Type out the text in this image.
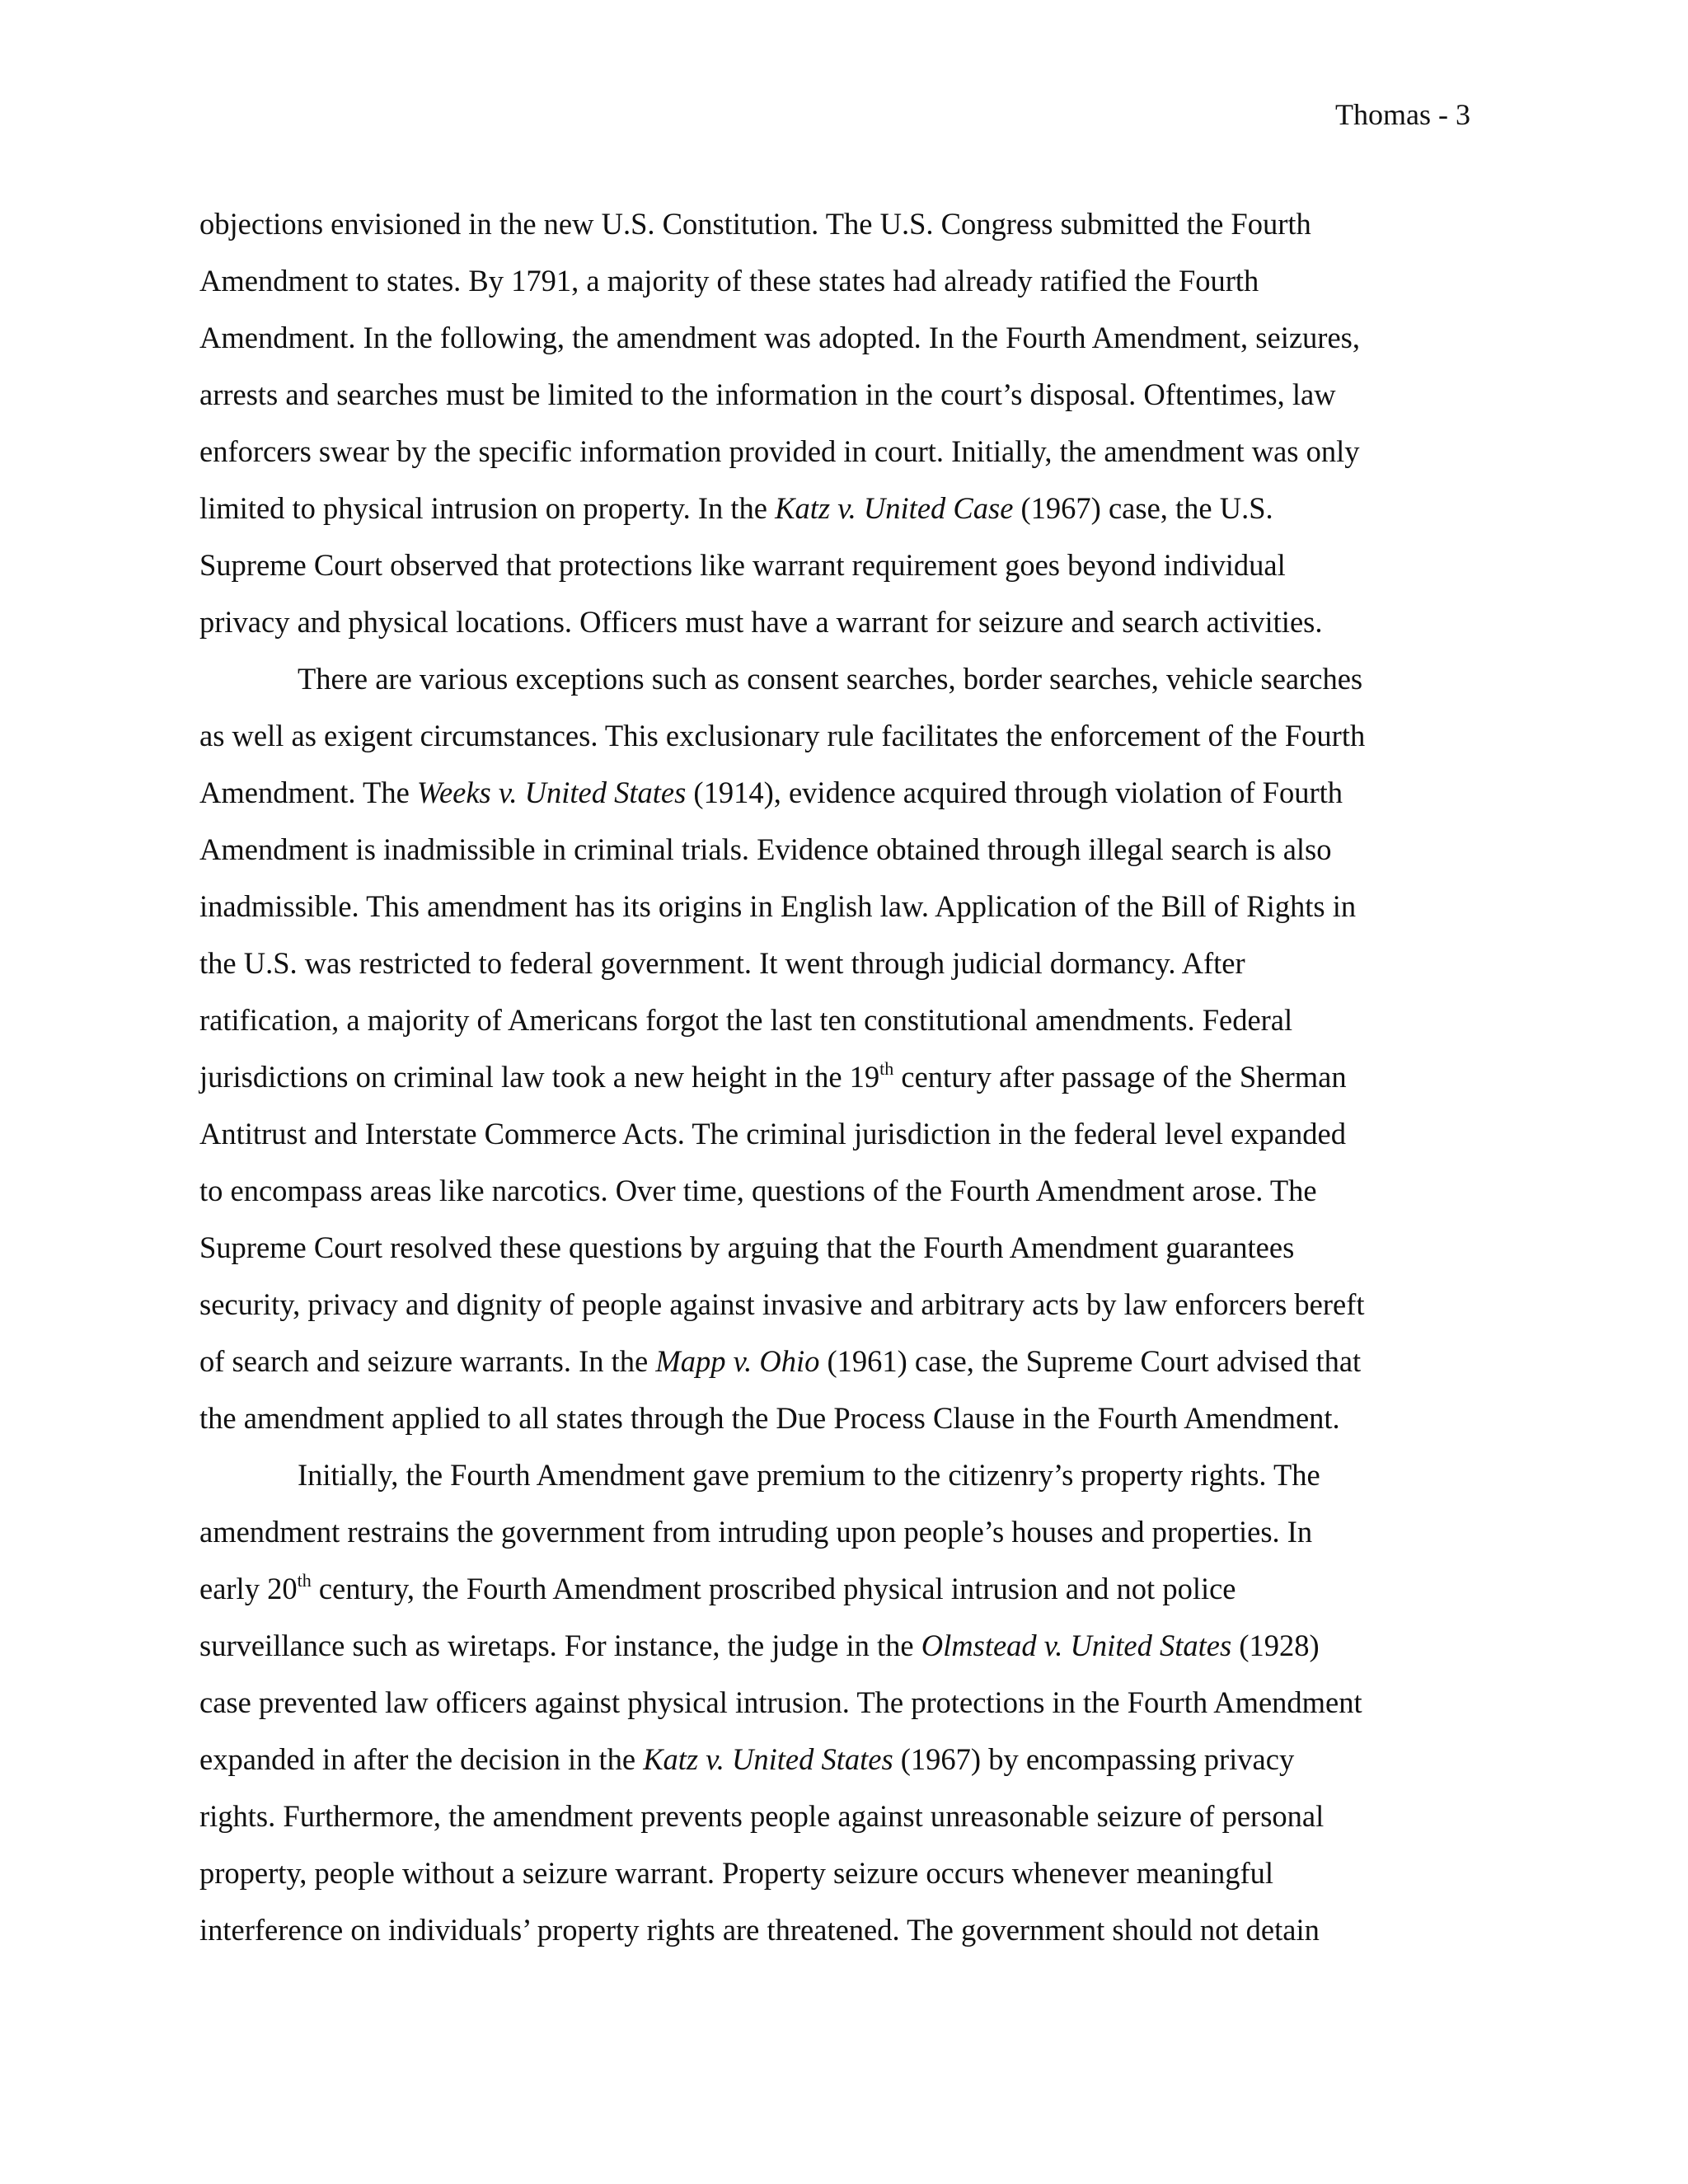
Thomas - 3
objections envisioned in the new U.S. Constitution. The U.S. Congress submitted the Fourth
Amendment to states. By 1791, a majority of these states had already ratified the Fourth
Amendment. In the following, the amendment was adopted. In the Fourth Amendment, seizures,
arrests and searches must be limited to the information in the court’s disposal. Oftentimes, law
enforcers swear by the specific information provided in court. Initially, the amendment was only
limited to physical intrusion on property. In the Katz v. United Case (1967) case, the U.S.
Supreme Court observed that protections like warrant requirement goes beyond individual
privacy and physical locations. Officers must have a warrant for seizure and search activities.
There are various exceptions such as consent searches, border searches, vehicle searches
as well as exigent circumstances. This exclusionary rule facilitates the enforcement of the Fourth
Amendment. The Weeks v. United States (1914), evidence acquired through violation of Fourth
Amendment is inadmissible in criminal trials. Evidence obtained through illegal search is also
inadmissible. This amendment has its origins in English law. Application of the Bill of Rights in
the U.S. was restricted to federal government. It went through judicial dormancy. After
ratification, a majority of Americans forgot the last ten constitutional amendments. Federal
jurisdictions on criminal law took a new height in the 19th century after passage of the Sherman
Antitrust and Interstate Commerce Acts. The criminal jurisdiction in the federal level expanded
to encompass areas like narcotics. Over time, questions of the Fourth Amendment arose. The
Supreme Court resolved these questions by arguing that the Fourth Amendment guarantees
security, privacy and dignity of people against invasive and arbitrary acts by law enforcers bereft
of search and seizure warrants. In the Mapp v. Ohio (1961) case, the Supreme Court advised that
the amendment applied to all states through the Due Process Clause in the Fourth Amendment.
Initially, the Fourth Amendment gave premium to the citizenry’s property rights. The
amendment restrains the government from intruding upon people’s houses and properties. In
early 20th century, the Fourth Amendment proscribed physical intrusion and not police
surveillance such as wiretaps. For instance, the judge in the Olmstead v. United States (1928)
case prevented law officers against physical intrusion. The protections in the Fourth Amendment
expanded in after the decision in the Katz v. United States (1967) by encompassing privacy
rights. Furthermore, the amendment prevents people against unreasonable seizure of personal
property, people without a seizure warrant. Property seizure occurs whenever meaningful
interference on individuals’ property rights are threatened. The government should not detain
